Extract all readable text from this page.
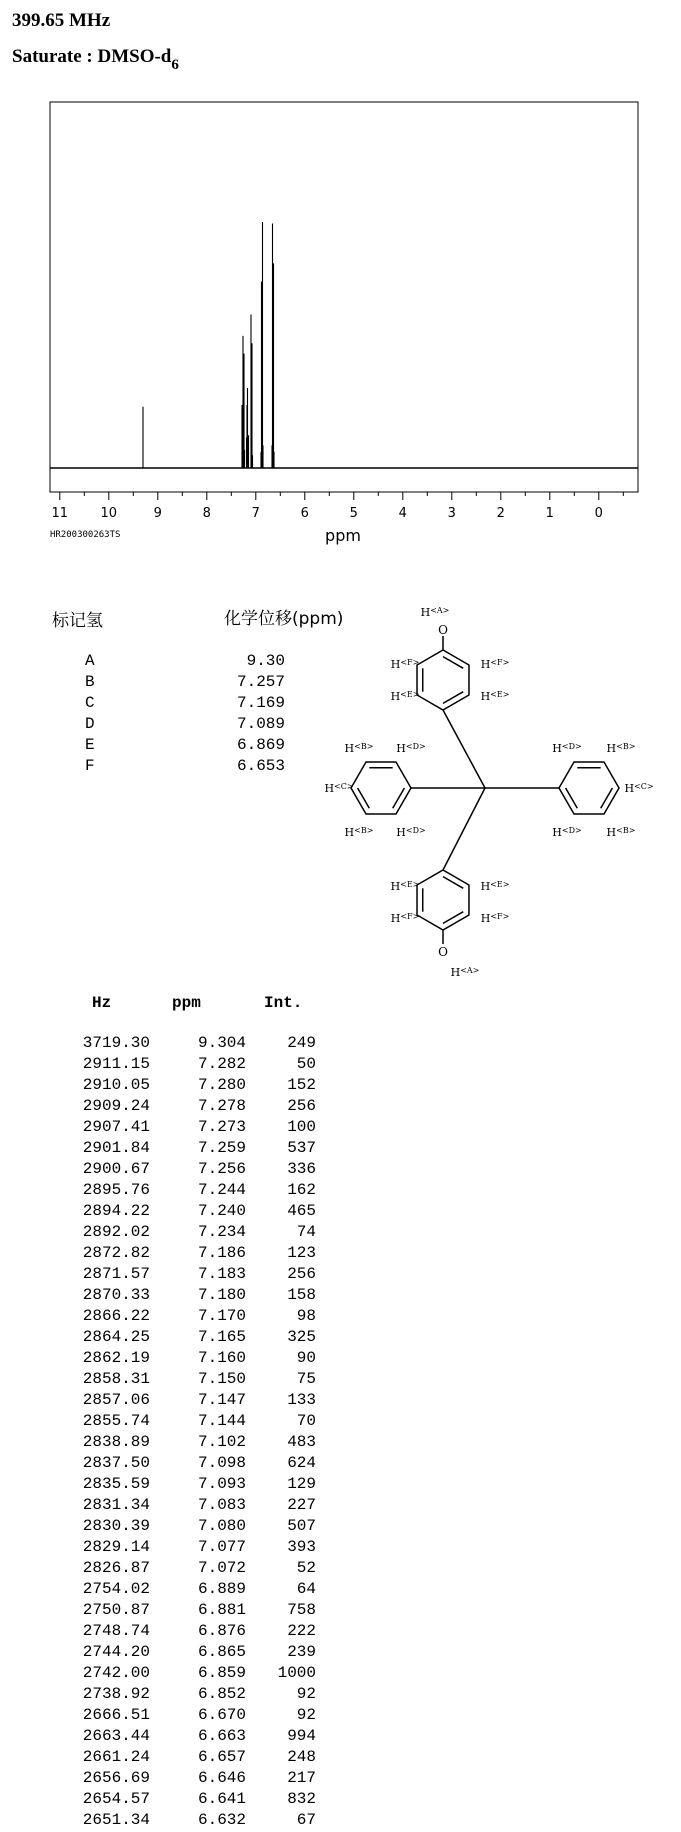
399.65 MHz
Saturate : DMSO-$d_6$
11 10	9	8	7	6	5	4	3	2	1	0
HR200300263TS	ppm
标记氢	化学位移(ppm)
A	9.30
B	7.257
C	7.169
D	7.089
E	6.869
F	6.653
O
$H^{<A>}$
O
$H^{<A>}$
$H^{<F>}$	$H^{<F>}$
$H^{<E>}$	$H^{<E>}$
$H^{<E>}$	$H^{<E>}$
$H^{<F>}$	$H^{<F>}$
$H^{<B>}$ $H^{<D>}$
$H^{<C>}$
$H^{<B>}$ $H^{<D>}$
$H^{<D>}$ $H^{<B>}$
$H^{<C>}$
$H^{<D>}$ $H^{<B>}$
Hz	ppm	Int.
3719.30	9.304	249
2911.15	7.282	50
2910.05	7.280	152
2909.24	7.278	256
2907.41	7.273	100
2901.84	7.259	537
2900.67	7.256	336
2895.76	7.244	162
2894.22	7.240	465
2892.02	7.234	74
2872.82	7.186	123
2871.57	7.183	256
2870.33	7.180	158
2866.22	7.170	98
2864.25	7.165	325
2862.19	7.160	90
2858.31	7.150	75
2857.06	7.147	133
2855.74	7.144	70
2838.89	7.102	483
2837.50	7.098	624
2835.59	7.093	129
2831.34	7.083	227
2830.39	7.080	507
2829.14	7.077	393
2826.87	7.072	52
2754.02	6.889	64
2750.87	6.881	758
2748.74	6.876	222
2744.20	6.865	239
2742.00	6.859	1000
2738.92	6.852	92
2666.51	6.670	92
2663.44	6.663	994
2661.24	6.657	248
2656.69	6.646	217
2654.57	6.641	832
2651.34	6.632	67
